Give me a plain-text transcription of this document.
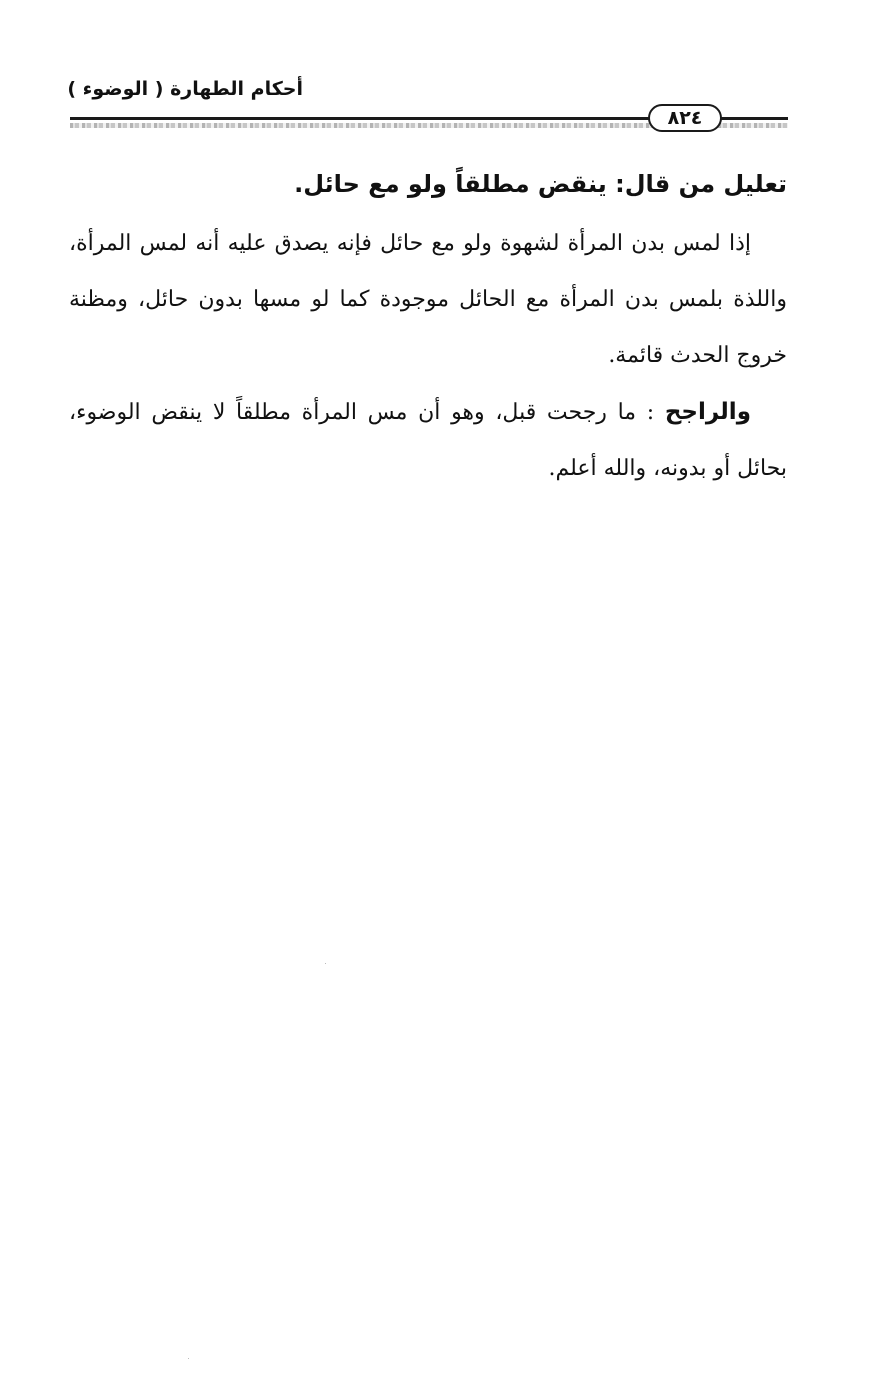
أحكام الطهارة ( الوضوء )
٨٢٤
تعليل من قال: ينقض مطلقاً ولو مع حائل.

إذا لمس بدن المرأة لشهوة ولو مع حائل فإنه يصدق عليه أنه لمس المرأة، واللذة بلمس بدن المرأة مع الحائل موجودة كما لو مسها بدون حائل، ومظنة خروج الحدث قائمة.

والراجح : ما رجحت قبل، وهو أن مس المرأة مطلقاً لا ينقض الوضوء، بحائل أو بدونه، والله أعلم.
